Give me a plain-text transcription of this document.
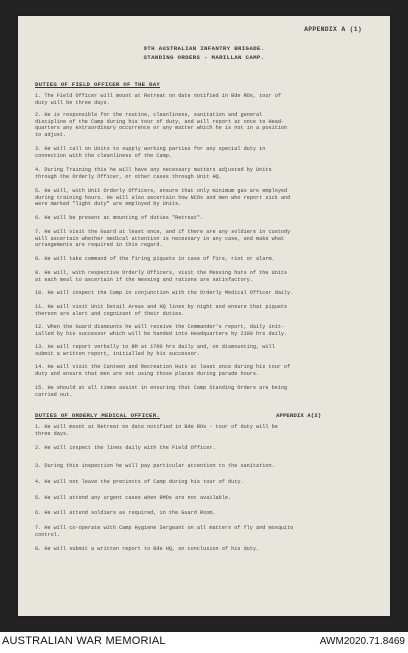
APPENDIX A (1)
9TH AUSTRALIAN INFANTRY BRIGADE.
STANDING ORDERS - MARILLAN CAMP.
DUTIES OF FIELD OFFICER OF THE DAY
1. The Field Officer will mount at Retreat on date notified in Bde ROs, tour of
duty will be three days.
2. He is responsible for the routine, cleanliness, sanitation and general
discipline of the Camp during his tour of duty, and will report at once to Head-
quarters any extraordinary occurrence or any matter which he is not in a position
to adjust.
3. He will call on Units to supply working parties for any special duty in
connection with the cleanliness of the Camp.
4. During Training this he will have any necessary matters adjusted by Units
through the Orderly Officer, or other cases through Unit HQ.
5. He will, with Unit Orderly Officers, ensure that only minimum gas are employed
during training hours. He will also ascertain how NCOs and men who report sick and
were marked "light duty" are employed by Units.
6. He will be present at mounting of duties "Retreat".
7. He will visit the Guard at least once, and if there are any soldiers in custody
will ascertain whether medical attention is necessary in any case, and make what
arrangements are required in this regard.
8. He will take command of the firing piquets in case of fire, riot or alarm.
9. He will, with respective Orderly Officers, visit the Messing huts of the Units
at each meal to ascertain if the messing and rations are satisfactory.
10. He will inspect the Camp in conjunction with the Orderly Medical Officer daily.
11. He will visit Unit Detail Areas and HQ lines by night and ensure that piquets
thereon are alert and cognizant of their duties.
12. When the Guard dismounts he will receive the Commander's report, daily init-
ialled by his successor which will be handed into Headquarters by 2100 hrs daily.
13. He will report verbally to BM at 1700 hrs daily and, on dismounting, will
submit a written report, initialled by his successor.
14. He will visit the Canteen and Recreation Huts at least once during his tour of
duty and ensure that men are not using those places during parade hours.
15. He should at all times assist in ensuring that Camp Standing Orders are being
carried out.
DUTIES OF ORDERLY MEDICAL OFFICER.	APPENDIX A(2)
1. He will mount at Retreat on date notified in Bde ROs - tour of duty will be
three days.
2. He will inspect the lines daily with the Field Officer.
3. During this inspection he will pay particular attention to the sanitation.
4. He will not leave the precincts of Camp during his tour of duty.
5. He will attend any urgent cases when RMOs are not available.
6. He will attend soldiers as required, in the Guard Room.
7. He will co-operate with Camp Hygiene Sergeant on all matters of fly and mosquito
control.
8. He will submit a written report to Bde HQ, on conclusion of his duty.
AUSTRALIAN WAR MEMORIAL	AWM2020.71.8469
